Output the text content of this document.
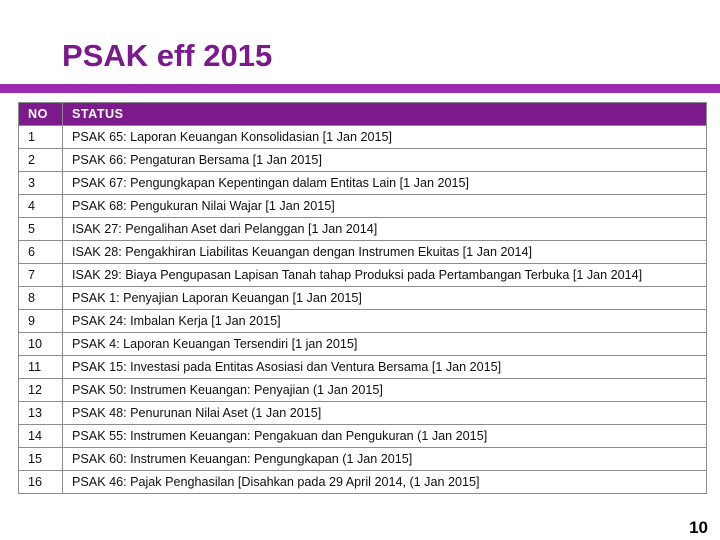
PSAK eff 2015
NO	STATUS
1	PSAK 65: Laporan Keuangan Konsolidasian [1 Jan 2015]
2	PSAK 66: Pengaturan Bersama [1 Jan 2015]
3	PSAK 67: Pengungkapan Kepentingan dalam Entitas Lain [1 Jan 2015]
4	PSAK 68: Pengukuran Nilai Wajar [1 Jan 2015]
5	ISAK 27: Pengalihan Aset dari Pelanggan [1 Jan 2014]
6	ISAK 28: Pengakhiran Liabilitas Keuangan dengan Instrumen Ekuitas [1 Jan 2014]
7	ISAK 29: Biaya Pengupasan Lapisan Tanah tahap Produksi pada Pertambangan Terbuka [1 Jan 2014]
8	PSAK 1: Penyajian Laporan Keuangan [1 Jan 2015]
9	PSAK 24: Imbalan Kerja [1 Jan 2015]
10	PSAK 4: Laporan Keuangan Tersendiri [1 jan 2015]
11	PSAK 15: Investasi pada Entitas Asosiasi dan Ventura Bersama [1 Jan 2015]
12	PSAK 50: Instrumen Keuangan: Penyajian (1 Jan 2015]
13	PSAK 48: Penurunan Nilai Aset (1 Jan 2015]
14	PSAK 55: Instrumen Keuangan: Pengakuan dan Pengukuran (1 Jan 2015]
15	PSAK 60: Instrumen Keuangan: Pengungkapan (1 Jan 2015]
16	PSAK 46: Pajak Penghasilan [Disahkan pada 29 April 2014, (1 Jan 2015]
10
